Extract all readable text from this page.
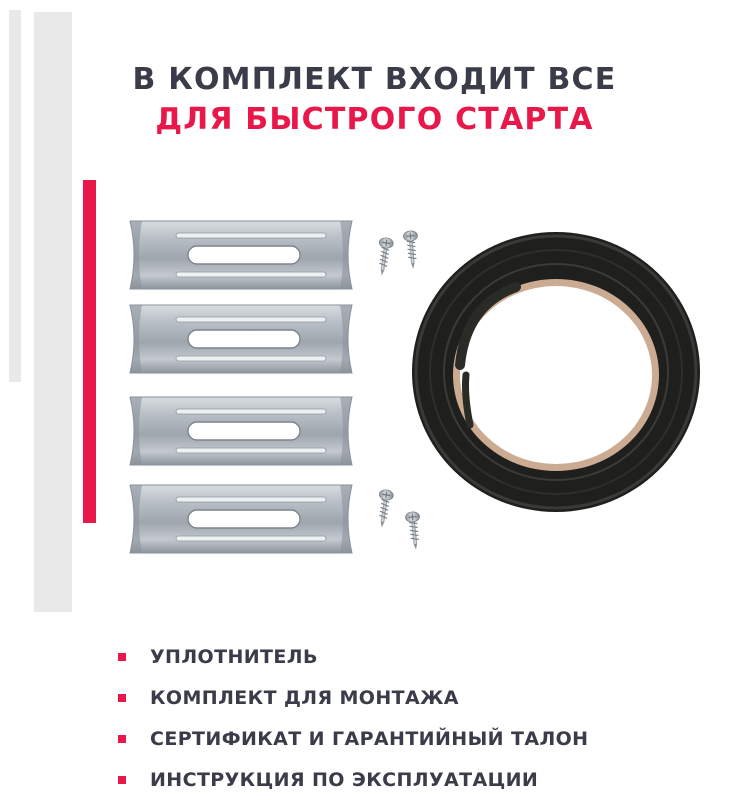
В КОМПЛЕКТ ВХОДИТ ВСЕ
ДЛЯ БЫСТРОГО СТАРТА
УПЛОТНИТЕЛЬ
КОМПЛЕКТ ДЛЯ МОНТАЖА
СЕРТИФИКАТ И ГАРАНТИЙНЫЙ ТАЛОН
ИНСТРУКЦИЯ ПО ЭКСПЛУАТАЦИИ
